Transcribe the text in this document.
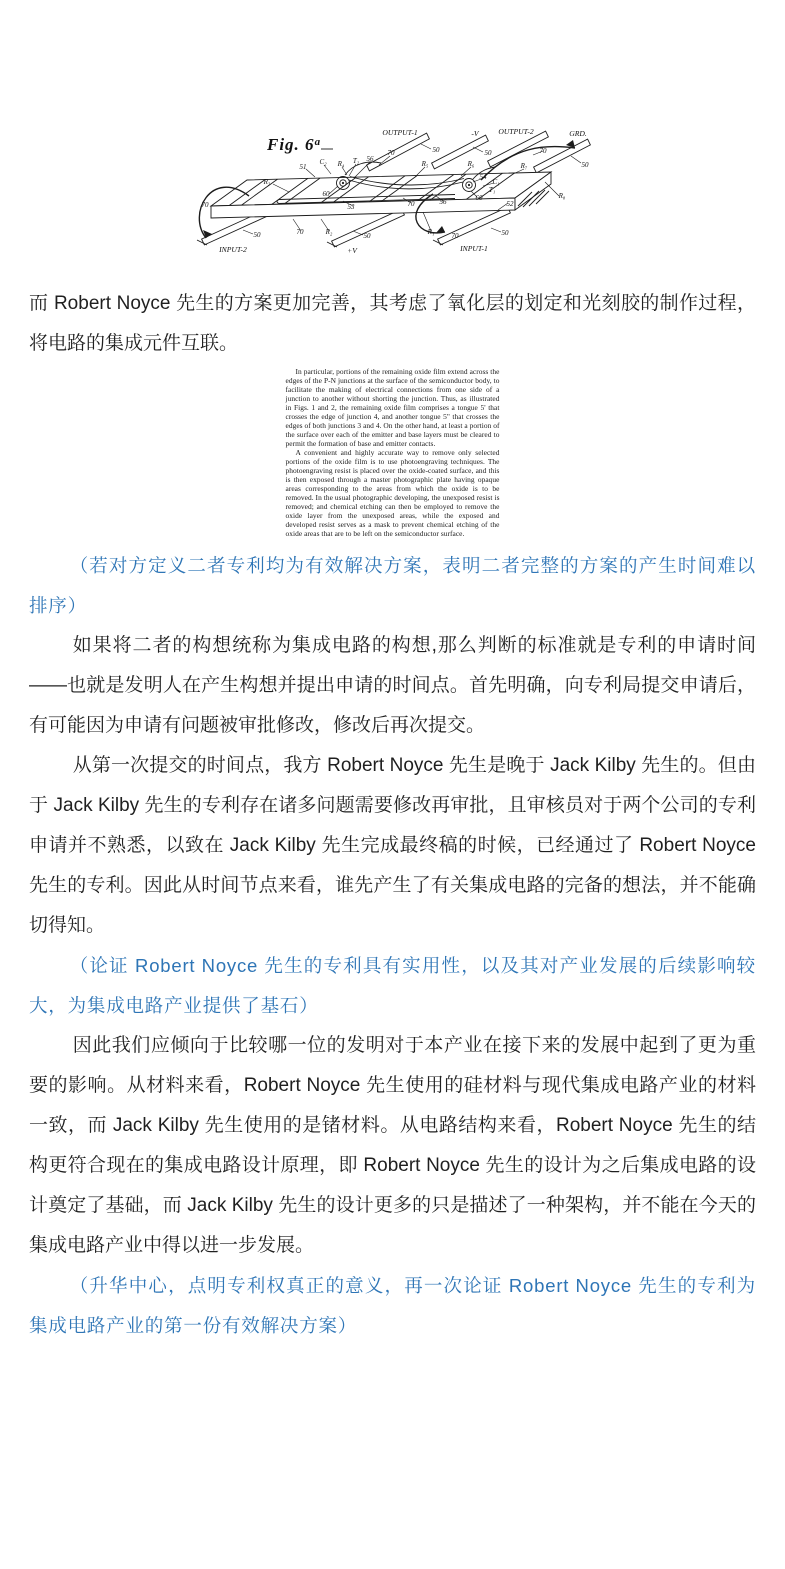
Fig. 6$^a$
OUTPUT-1	-V	OUTPUT-2	GRD.
INPUT-2	+V	INPUT-1
51
C₂ R₄ T₂ 56
70
R₅	R₆	R₇
54
C₁
T₁
60
R₃
60
53	70	56	52
R₈
70
70	R₂	R₁ 70
70
50	50	50
50	50
50

而 Robert Noyce 先生的方案更加完善，其考虑了氧化层的划定和光刻胶的制作过程，将电路的集成元件互联。

In particular, portions of the remaining oxide film extend across the edges of the P-N junctions at the surface of the semiconductor body, to facilitate the making of electrical connections from one side of a junction to another without shorting the junction. Thus, as illustrated in Figs. 1 and 2, the remaining oxide film comprises a tongue 5' that crosses the edge of junction 4, and another tongue 5" that crosses the edges of both junctions 3 and 4. On the other hand, at least a portion of the surface over each of the emitter and base layers must be cleared to permit the formation of base and emitter contacts.

A convenient and highly accurate way to remove only selected portions of the oxide film is to use photoengraving techniques. The photoengraving resist is placed over the oxide-coated surface, and this is then exposed through a master photographic plate having opaque areas corresponding to the areas from which the oxide is to be removed. In the usual photographic developing, the unexposed resist is removed; and chemical etching can then be employed to remove the oxide layer from the unexposed areas, while the exposed and developed resist serves as a mask to prevent chemical etching of the oxide areas that are to be left on the semiconductor surface.

（若对方定义二者专利均为有效解决方案，表明二者完整的方案的产生时间难以排序）

如果将二者的构想统称为集成电路的构想,那么判断的标准就是专利的申请时间——也就是发明人在产生构想并提出申请的时间点。首先明确，向专利局提交申请后，有可能因为申请有问题被审批修改，修改后再次提交。

从第一次提交的时间点，我方 Robert Noyce 先生是晚于 Jack Kilby 先生的。但由于 Jack Kilby 先生的专利存在诸多问题需要修改再审批，且审核员对于两个公司的专利申请并不熟悉，以致在 Jack Kilby 先生完成最终稿的时候，已经通过了 Robert Noyce 先生的专利。因此从时间节点来看，谁先产生了有关集成电路的完备的想法，并不能确切得知。

（论证 Robert Noyce 先生的专利具有实用性，以及其对产业发展的后续影响较大，为集成电路产业提供了基石）

因此我们应倾向于比较哪一位的发明对于本产业在接下来的发展中起到了更为重要的影响。从材料来看，Robert Noyce 先生使用的硅材料与现代集成电路产业的材料一致，而 Jack Kilby 先生使用的是锗材料。从电路结构来看，Robert Noyce 先生的结构更符合现在的集成电路设计原理，即 Robert Noyce 先生的设计为之后集成电路的设计奠定了基础，而 Jack Kilby 先生的设计更多的只是描述了一种架构，并不能在今天的集成电路产业中得以进一步发展。

（升华中心，点明专利权真正的意义，再一次论证 Robert Noyce 先生的专利为集成电路产业的第一份有效解决方案）
